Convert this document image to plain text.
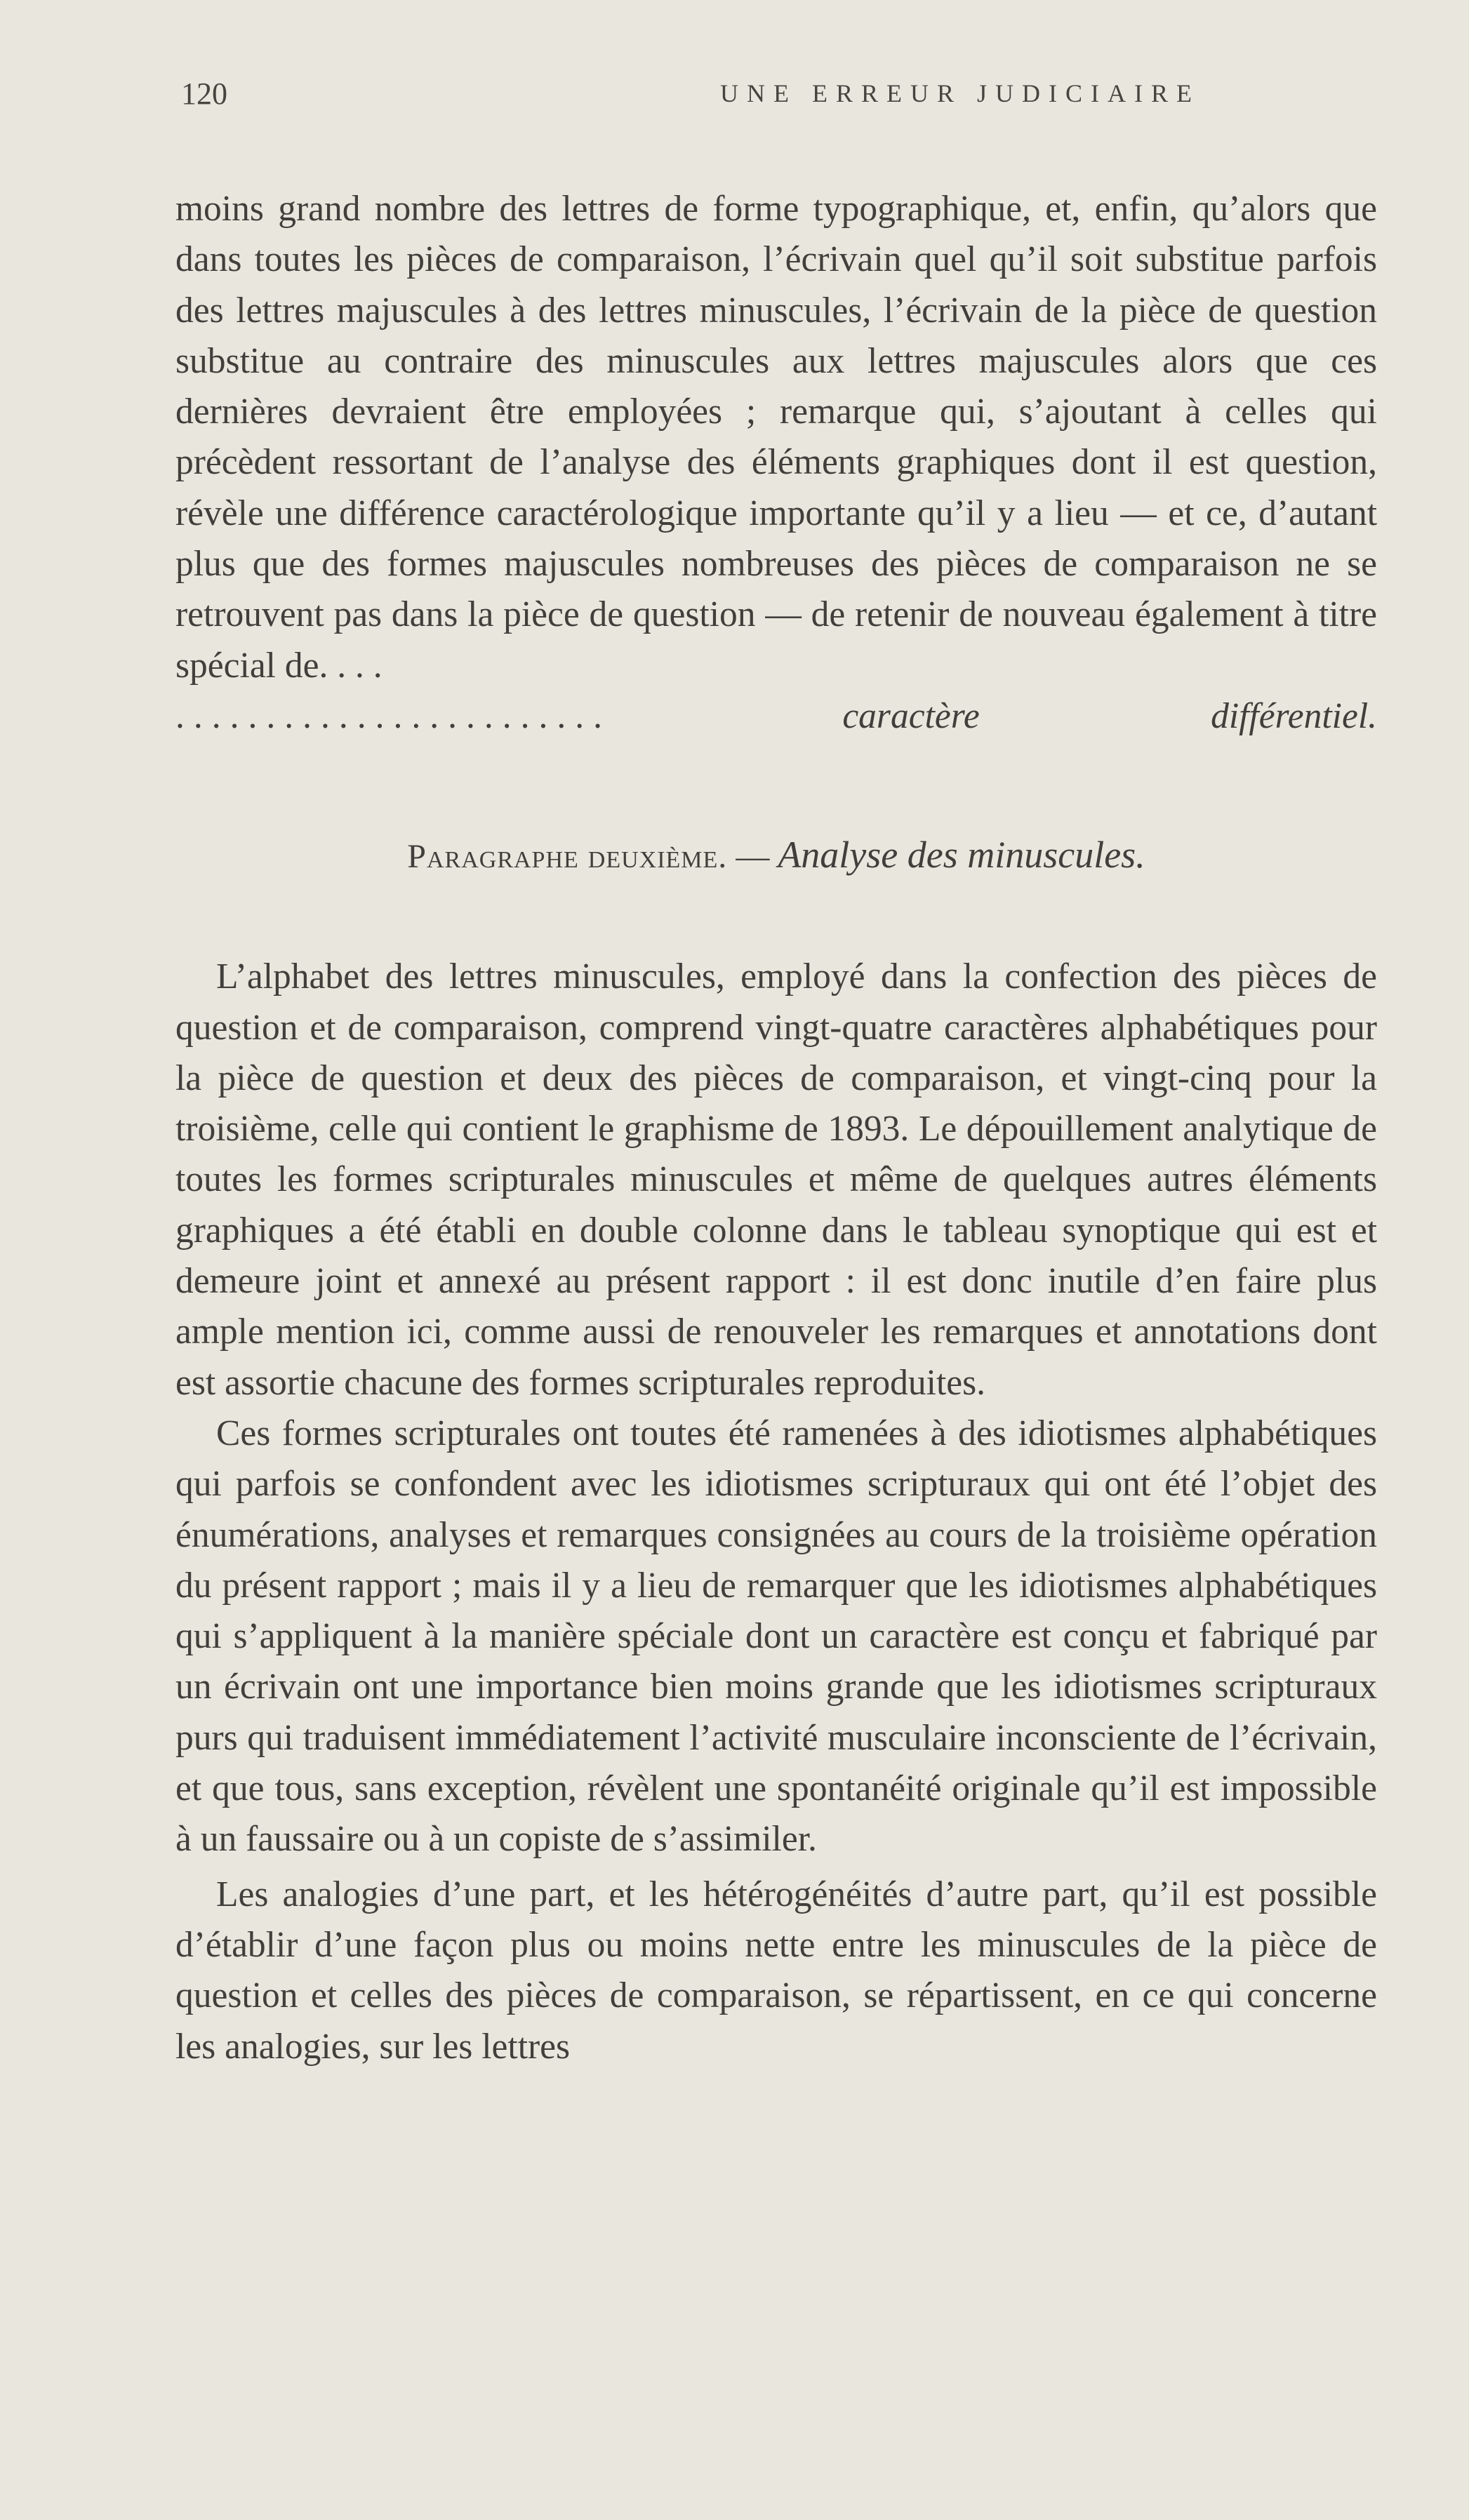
120	UNE ERREUR JUDICIAIRE

moins grand nombre des lettres de forme typographique, et, enfin, qu’alors que dans toutes les pièces de comparaison, l’écrivain quel qu’il soit substitue parfois des lettres majuscules à des lettres minuscules, l’écrivain de la pièce de question substitue au contraire des minuscules aux lettres majuscules alors que ces dernières devraient être employées ; remarque qui, s’ajoutant à celles qui précèdent ressortant de l’analyse des éléments graphiques dont il est question, révèle une différence caractérologique importante qu’il y a lieu — et ce, d’autant plus que des formes majuscules nombreuses des pièces de comparaison ne se retrouvent pas dans la pièce de question — de retenir de nouveau également à titre spécial de. . . .

........................	caractère différentiel.

Paragraphe deuxième. — Analyse des minuscules.

L’alphabet des lettres minuscules, employé dans la confection des pièces de question et de comparaison, comprend vingt-quatre caractères alphabétiques pour la pièce de question et deux des pièces de comparaison, et vingt-cinq pour la troisième, celle qui contient le graphisme de 1893. Le dépouillement analytique de toutes les formes scripturales minuscules et même de quelques autres éléments graphiques a été établi en double colonne dans le tableau synoptique qui est et demeure joint et annexé au présent rapport : il est donc inutile d’en faire plus ample mention ici, comme aussi de renouveler les remarques et annotations dont est assortie chacune des formes scripturales reproduites.

Ces formes scripturales ont toutes été ramenées à des idiotismes alphabétiques qui parfois se confondent avec les idiotismes scripturaux qui ont été l’objet des énumérations, analyses et remarques consignées au cours de la troisième opération du présent rapport ; mais il y a lieu de remarquer que les idiotismes alphabétiques qui s’appliquent à la manière spéciale dont un caractère est conçu et fabriqué par un écrivain ont une importance bien moins grande que les idiotismes scripturaux purs qui traduisent immédiatement l’activité musculaire inconsciente de l’écrivain, et que tous, sans exception, révèlent une spontanéité originale qu’il est impossible à un faussaire ou à un copiste de s’assimiler.

Les analogies d’une part, et les hétérogénéités d’autre part, qu’il est possible d’établir d’une façon plus ou moins nette entre les minuscules de la pièce de question et celles des pièces de comparaison, se répartissent, en ce qui concerne les analogies, sur les lettres
